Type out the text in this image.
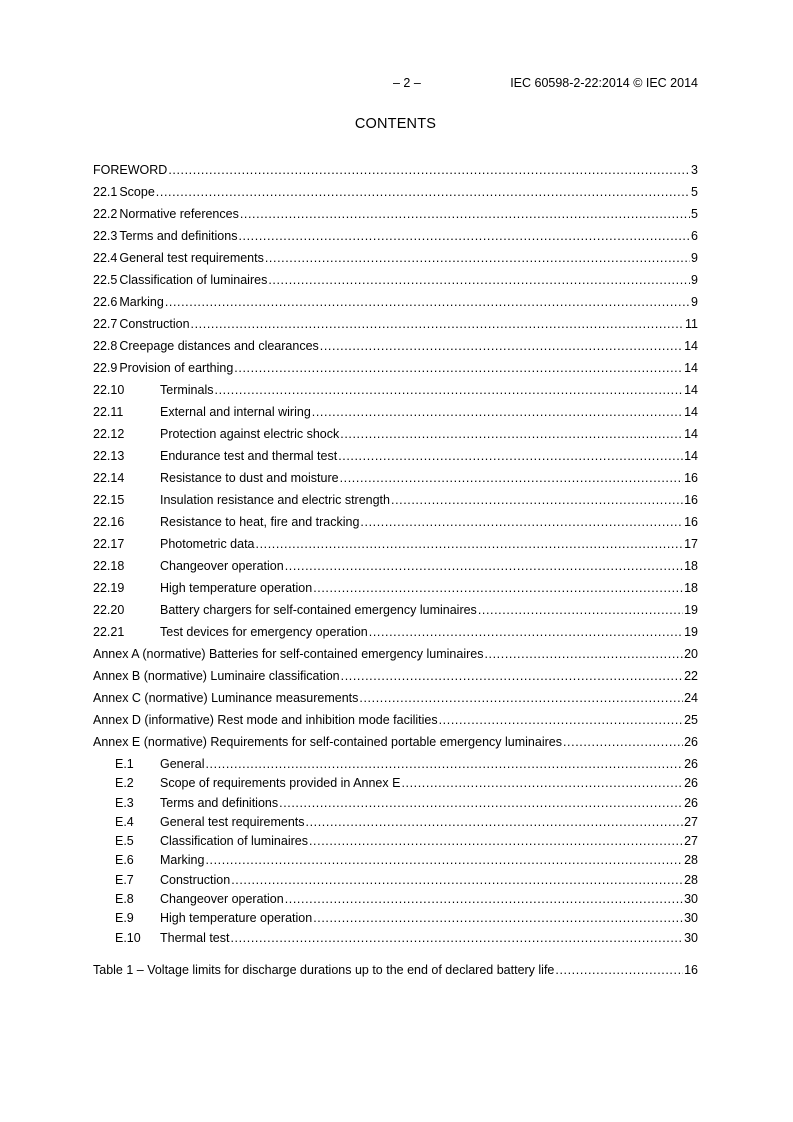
– 2 –	IEC 60598-2-22:2014 © IEC 2014
CONTENTS
FOREWORD .....	3
22.1 Scope .....	5
22.2 Normative references .....	5
22.3 Terms and definitions .....	6
22.4 General test requirements .....	9
22.5 Classification of luminaires .....	9
22.6 Marking .....	9
22.7 Construction .....	11
22.8 Creepage distances and clearances .....	14
22.9 Provision of earthing .....	14
22.10	Terminals .....	14
22.11	External and internal wiring .....	14
22.12	Protection against electric shock .....	14
22.13	Endurance test and thermal test .....	14
22.14	Resistance to dust and moisture .....	16
22.15	Insulation resistance and electric strength .....	16
22.16	Resistance to heat, fire and tracking .....	16
22.17	Photometric data .....	17
22.18	Changeover operation .....	18
22.19	High temperature operation .....	18
22.20	Battery chargers for self-contained emergency luminaires .....	19
22.21	Test devices for emergency operation .....	19
Annex A (normative) Batteries for self-contained emergency luminaires .....	20
Annex B (normative) Luminaire classification .....	22
Annex C (normative) Luminance measurements .....	24
Annex D (informative) Rest mode and inhibition mode facilities .....	25
Annex E (normative) Requirements for self-contained portable emergency luminaires .....	26
E.1	General .....	26
E.2	Scope of requirements provided in Annex E .....	26
E.3	Terms and definitions .....	26
E.4	General test requirements .....	27
E.5	Classification of luminaires .....	27
E.6	Marking .....	28
E.7	Construction .....	28
E.8	Changeover operation .....	30
E.9	High temperature operation .....	30
E.10	Thermal test .....	30
Table 1 – Voltage limits for discharge durations up to the end of declared battery life .....	16
